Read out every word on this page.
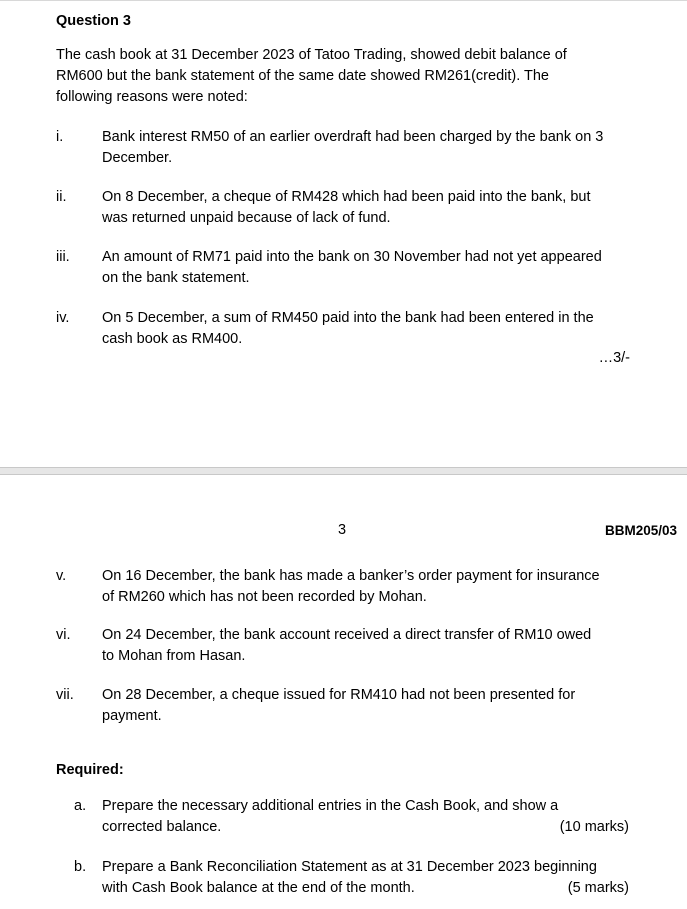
Question 3
The cash book at 31 December 2023 of Tatoo Trading, showed debit balance of
RM600 but the bank statement of the same date showed RM261(credit). The
following reasons were noted:
i.	Bank interest RM50 of an earlier overdraft had been charged by the bank on 3
December.
ii. On 8 December, a cheque of RM428 which had been paid into the bank, but
was returned unpaid because of lack of fund.
iii. An amount of RM71 paid into the bank on 30 November had not yet appeared
on the bank statement.
iv. On 5 December, a sum of RM450 paid into the bank had been entered in the
cash book as RM400.
…3/-
3	BBM205/03
v. On 16 December, the bank has made a banker’s order payment for insurance
of RM260 which has not been recorded by Mohan.
vi. On 24 December, the bank account received a direct transfer of RM10 owed
to Mohan from Hasan.
vii. On 28 December, a cheque issued for RM410 had not been presented for
payment.
Required:
a. Prepare the necessary additional entries in the Cash Book, and show a
corrected balance.	(10 marks)
b. Prepare a Bank Reconciliation Statement as at 31 December 2023 beginning
with Cash Book balance at the end of the month.	(5 marks)
